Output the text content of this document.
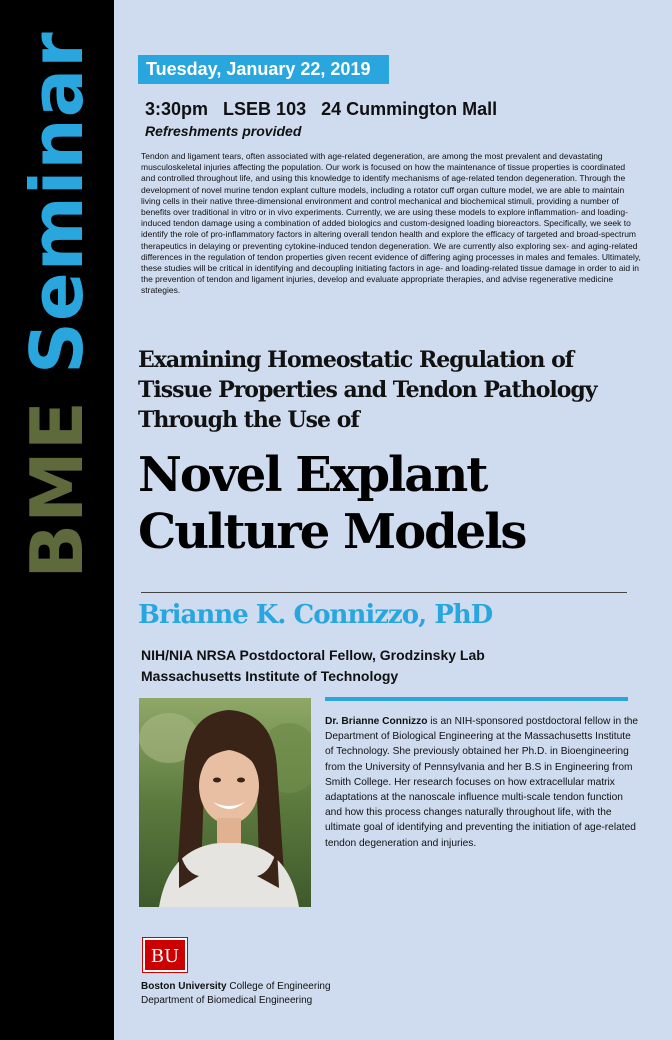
BME Seminar	Tuesday, January 22, 2019
3:30pm LSEB 103 24 Cummington Mall
Refreshments provided
Tendon and ligament tears, often associated with age-related degeneration, are among the most prevalent and devastating musculoskeletal injuries affecting the population. Our work is focused on how the maintenance of tissue properties is coordinated and controlled throughout life, and using this knowledge to identify mechanisms of age-related tendon degeneration. Through the development of novel murine tendon explant culture models, including a rotator cuff organ culture model, we are able to maintain living cells in their native three-dimensional environment and control mechanical and biochemical stimuli, providing a number of benefits over traditional in vitro or in vivo experiments. Currently, we are using these models to explore inflammation- and loading-induced tendon damage using a combination of added biologics and custom-designed loading bioreactors. Specifically, we seek to identify the role of pro-inflammatory factors in altering overall tendon health and explore the efficacy of targeted and broad-spectrum therapeutics in delaying or preventing cytokine-induced tendon degeneration. We are currently also exploring sex- and aging-related differences in the regulation of tendon properties given recent evidence of differing aging processes in males and females. Ultimately, these studies will be critical in identifying and decoupling initiating factors in age- and loading-related tissue damage in order to aid in the prevention of tendon and ligament injuries, develop and evaluate appropriate therapies, and advise regenerative medicine strategies.
Examining Homeostatic Regulation of
Tissue Properties and Tendon Pathology
Through the Use of
Novel Explant
Culture Models
Brianne K. Connizzo, PhD
NIH/NIA NRSA Postdoctoral Fellow, Grodzinsky Lab
Massachusetts Institute of Technology
Dr. Brianne Connizzo is an NIH-sponsored postdoctoral fellow in the Department of Biological Engineering at the Massachusetts Institute of Technology. She previously obtained her Ph.D. in Bioengineering from the University of Pennsylvania and her B.S in Engineering from Smith College. Her research focuses on how extracellular matrix adaptations at the nanoscale influence multi-scale tendon function and how this process changes naturally throughout life, with the ultimate goal of identifying and preventing the initiation of age-related tendon degeneration and injuries.
BU
Boston University College of Engineering
Department of Biomedical Engineering
